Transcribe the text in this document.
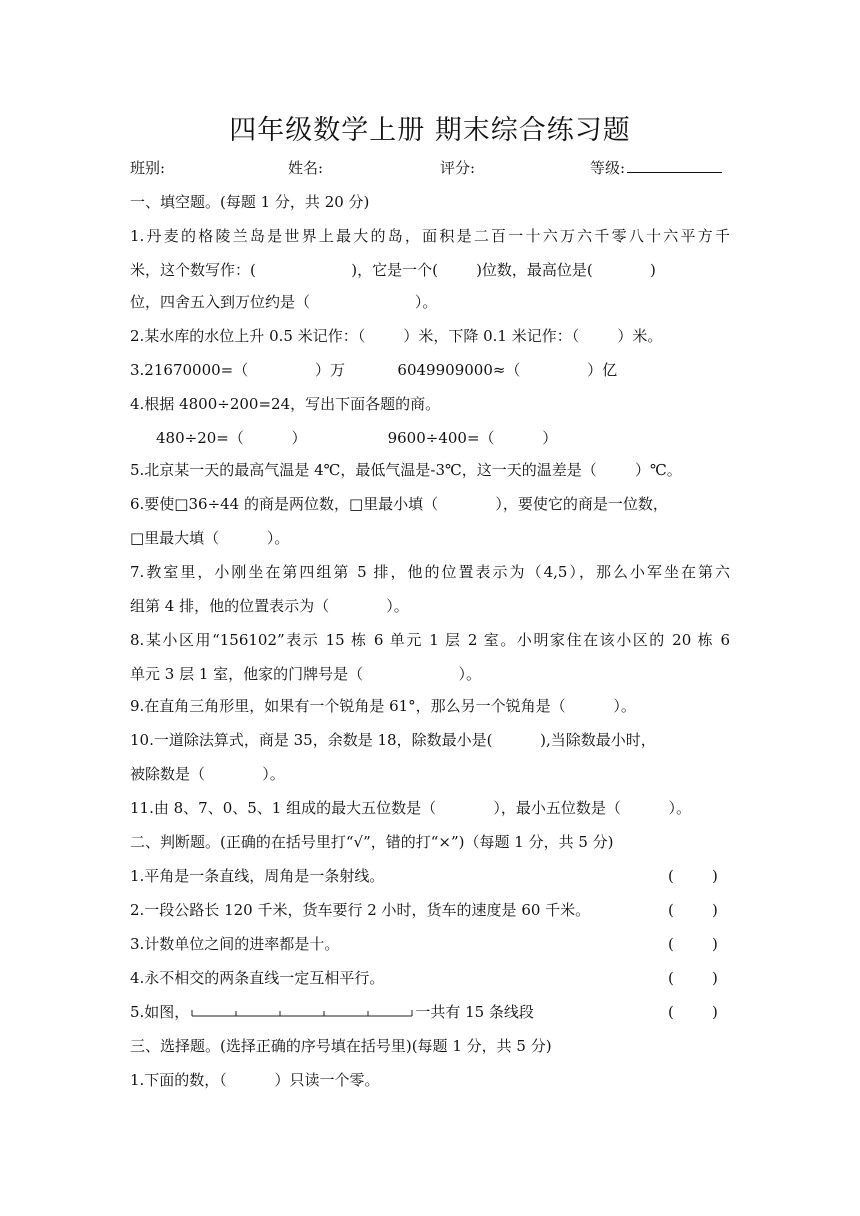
四年级数学上册 期末综合练习题
班别:	姓名:	评分:	等级:
一、填空题。(每题 1 分，共 20 分)
1.丹麦的格陵兰岛是世界上最大的岛，面积是二百一十六万六千零八十六平方千
米，这个数写作：(                    )，它是一个(        )位数，最高位是(            )
位，四舍五入到万位约是（                      ）。
2.某水库的水位上升 0.5 米记作：（        ）米，下降 0.1 米记作：（        ）米。
3.21670000=（              ）万           6049909000≈（              ）亿
4.根据 4800÷200=24，写出下面各题的商。
480÷20=（          ）                 9600÷400=（          ）
5.北京某一天的最高气温是 4℃，最低气温是-3℃，这一天的温差是（        ）℃。
6.要使□36÷44 的商是两位数，□里最小填（            ），要使它的商是一位数，
□里最大填（          ）。
7.教室里，小刚坐在第四组第 5 排，他的位置表示为（4,5），那么小军坐在第六
组第 4 排，他的位置表示为（            ）。
8.某小区用“156102”表示 15 栋 6 单元 1 层 2 室。小明家住在该小区的 20 栋 6
单元 3 层 1 室，他家的门牌号是（                    ）。
9.在直角三角形里，如果有一个锐角是 61°，那么另一个锐角是（          ）。
10.一道除法算式，商是 35，余数是 18，除数最小是(          ),当除数最小时，
被除数是（            ）。
11.由 8、7、0、5、1 组成的最大五位数是（            ），最小五位数是（          ）。
二、判断题。(正确的在括号里打“√”，错的打“×”)（每题 1 分，共 5 分)
1.平角是一条直线，周角是一条射线。	(        )
2.一段公路长 120 千米，货车要行 2 小时，货车的速度是 60 千米。	(        )
3.计数单位之间的进率都是十。	(        )
4.永不相交的两条直线一定互相平行。	(        )
5.如图，	一共有 15 条线段	(        )
三、选择题。(选择正确的序号填在括号里)(每题 1 分，共 5 分)
1.下面的数，（          ）只读一个零。
